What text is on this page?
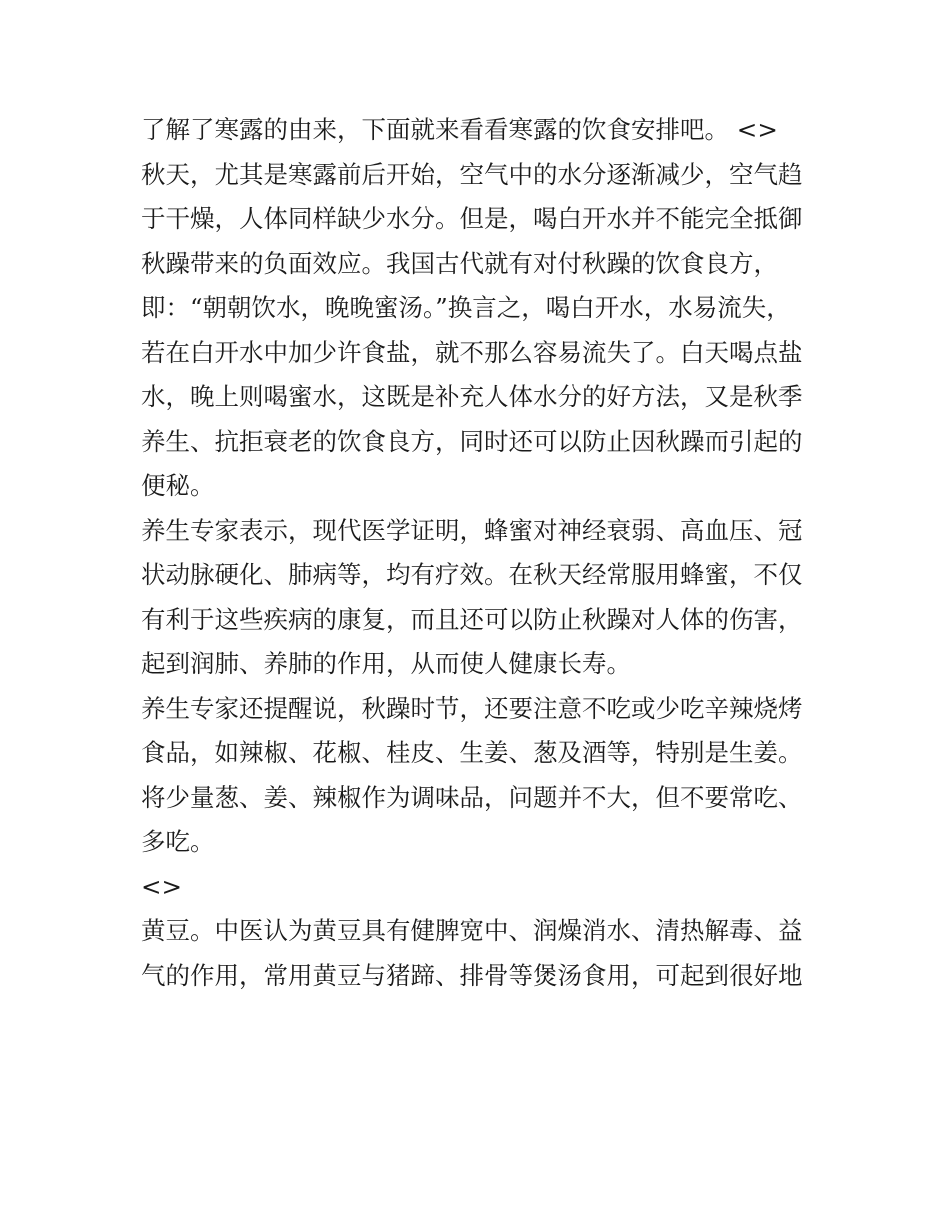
了解了寒露的由来，下面就来看看寒露的饮食安排吧。 <>

秋天，尤其是寒露前后开始，空气中的水分逐渐减少，空气趋
于干燥，人体同样缺少水分。但是，喝白开水并不能完全抵御
秋躁带来的负面效应。我国古代就有对付秋躁的饮食良方，
即：“朝朝饮水，晚晚蜜汤。”换言之，喝白开水，水易流失，
若在白开水中加少许食盐，就不那么容易流失了。白天喝点盐
水，晚上则喝蜜水，这既是补充人体水分的好方法，又是秋季
养生、抗拒衰老的饮食良方，同时还可以防止因秋躁而引起的
便秘。

养生专家表示，现代医学证明，蜂蜜对神经衰弱、高血压、冠
状动脉硬化、肺病等，均有疗效。在秋天经常服用蜂蜜，不仅
有利于这些疾病的康复，而且还可以防止秋躁对人体的伤害，
起到润肺、养肺的作用，从而使人健康长寿。

养生专家还提醒说，秋躁时节，还要注意不吃或少吃辛辣烧烤
食品，如辣椒、花椒、桂皮、生姜、葱及酒等，特别是生姜。
将少量葱、姜、辣椒作为调味品，问题并不大，但不要常吃、
多吃。

<>

黄豆。中医认为黄豆具有健脾宽中、润燥消水、清热解毒、益
气的作用，常用黄豆与猪蹄、排骨等煲汤食用，可起到很好地
